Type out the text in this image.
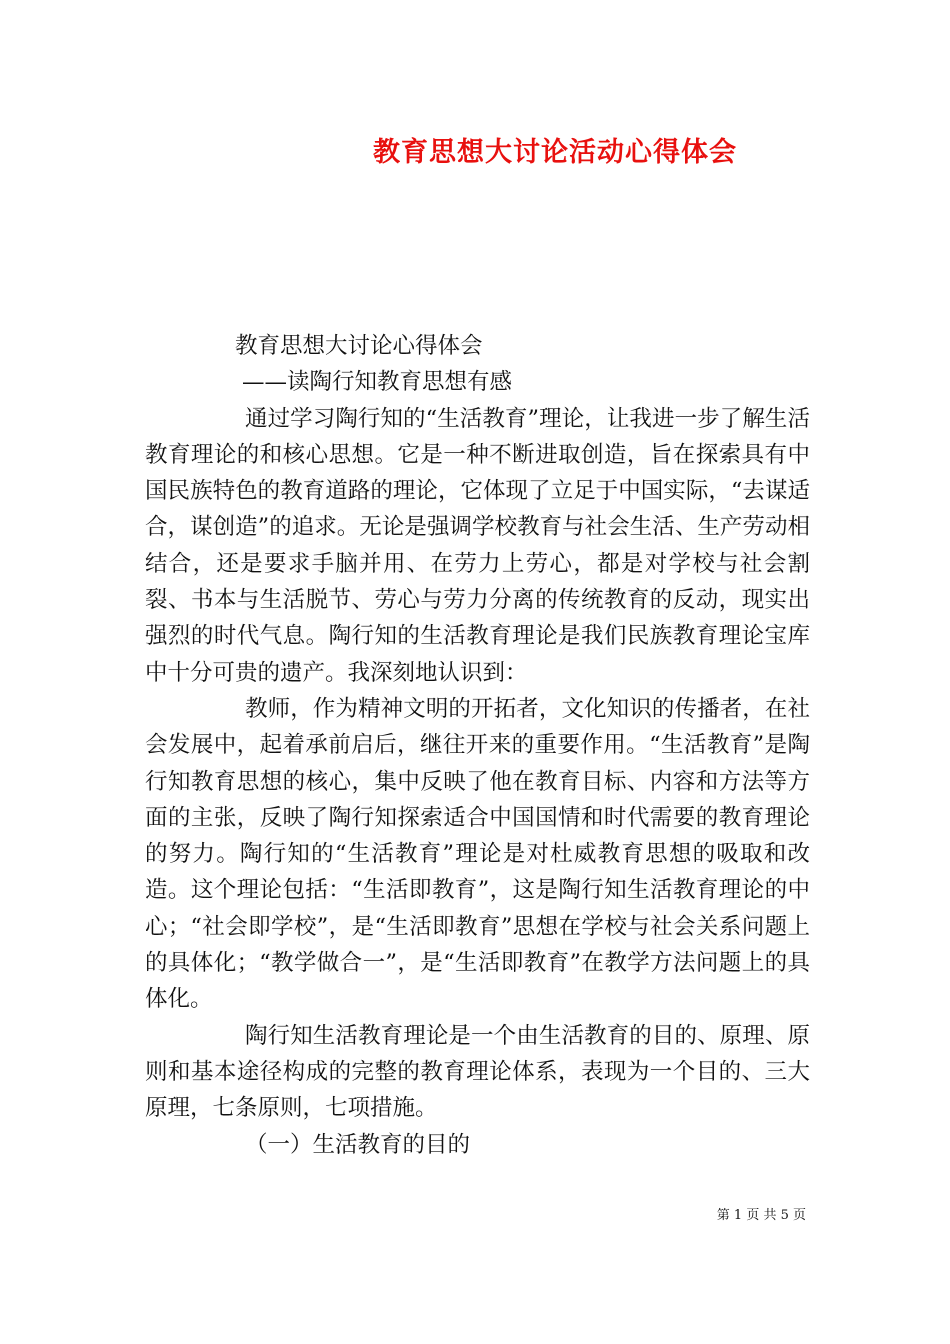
教育思想大讨论活动心得体会
教育思想大讨论心得体会
——读陶行知教育思想有感

通过学习陶行知的“生活教育”理论，让我进一步了解生活教育理论的和核心思想。它是一种不断进取创造，旨在探索具有中国民族特色的教育道路的理论，它体现了立足于中国实际，“去谋适合，谋创造”的追求。无论是强调学校教育与社会生活、生产劳动相结合，还是要求手脑并用、在劳力上劳心，都是对学校与社会割裂、书本与生活脱节、劳心与劳力分离的传统教育的反动，现实出强烈的时代气息。陶行知的生活教育理论是我们民族教育理论宝库中十分可贵的遗产。我深刻地认识到：

教师，作为精神文明的开拓者，文化知识的传播者，在社会发展中，起着承前启后，继往开来的重要作用。“生活教育”是陶行知教育思想的核心，集中反映了他在教育目标、内容和方法等方面的主张，反映了陶行知探索适合中国国情和时代需要的教育理论的努力。陶行知的“生活教育”理论是对杜威教育思想的吸取和改造。这个理论包括：“生活即教育”，这是陶行知生活教育理论的中心；“社会即学校”，是“生活即教育”思想在学校与社会关系问题上的具体化；“教学做合一”，是“生活即教育”在教学方法问题上的具体化。

陶行知生活教育理论是一个由生活教育的目的、原理、原则和基本途径构成的完整的教育理论体系，表现为一个目的、三大原理，七条原则，七项措施。

（一）生活教育的目的
第 1 页 共 5 页
